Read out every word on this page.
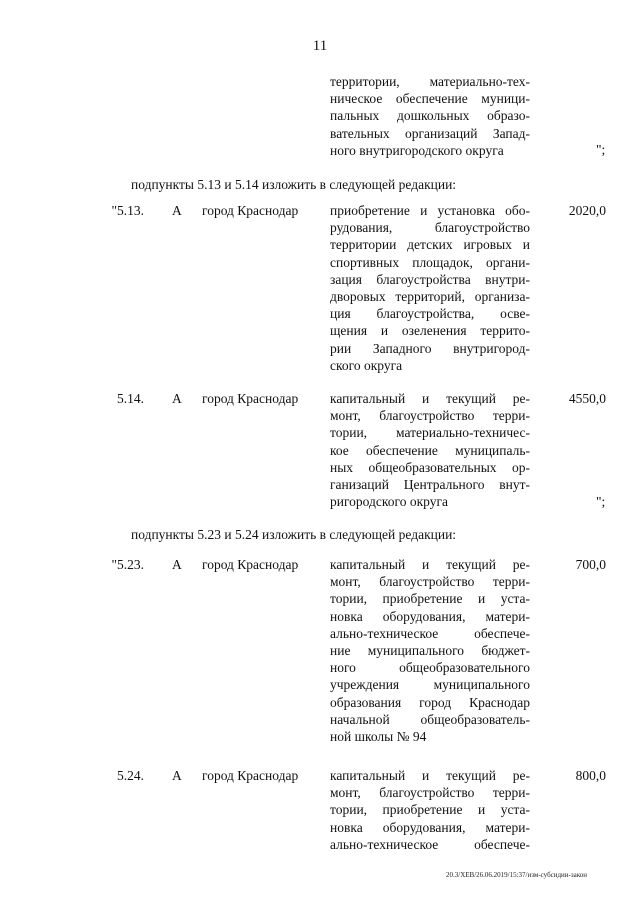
11
территории, материально-тех-
ническое обеспечение муници-
пальных дошкольных образо-
вательных организаций Запад-
ного внутригородского округа	";
подпункты 5.13 и 5.14 изложить в следующей редакции:
"5.13. А город Краснодар приобретение и установка обо-
рудования, благоустройство
территории детских игровых и
спортивных площадок, органи-
зация благоустройства внутри-
дворовых территорий, организа-
ция благоустройства, осве-
щения и озеленения террито-
рии Западного внутригород-
ского округа
2020,0
5.14. А город Краснодар капитальный и текущий ре-
монт, благоустройство терри-
тории, материально-техничес-
кое обеспечение муниципаль-
ных общеобразовательных ор-
ганизаций Центрального внут-
ригородского округа
4550,0
";
подпункты 5.23 и 5.24 изложить в следующей редакции:
"5.23. А город Краснодар капитальный и текущий ре-
монт, благоустройство терри-
тории, приобретение и уста-
новка оборудования, матери-
ально-техническое обеспече-
ние муниципального бюджет-
ного общеобразовательного
учреждения муниципального
образования город Краснодар
начальной общеобразователь-
ной школы № 94
700,0
5.24. А город Краснодар капитальный и текущий ре-
монт, благоустройство терри-
тории, приобретение и уста-
новка оборудования, матери-
ально-техническое обеспече-
800,0
20.3/ХЕВ/26.06.2019/15:37/изм-субсидии-закон
